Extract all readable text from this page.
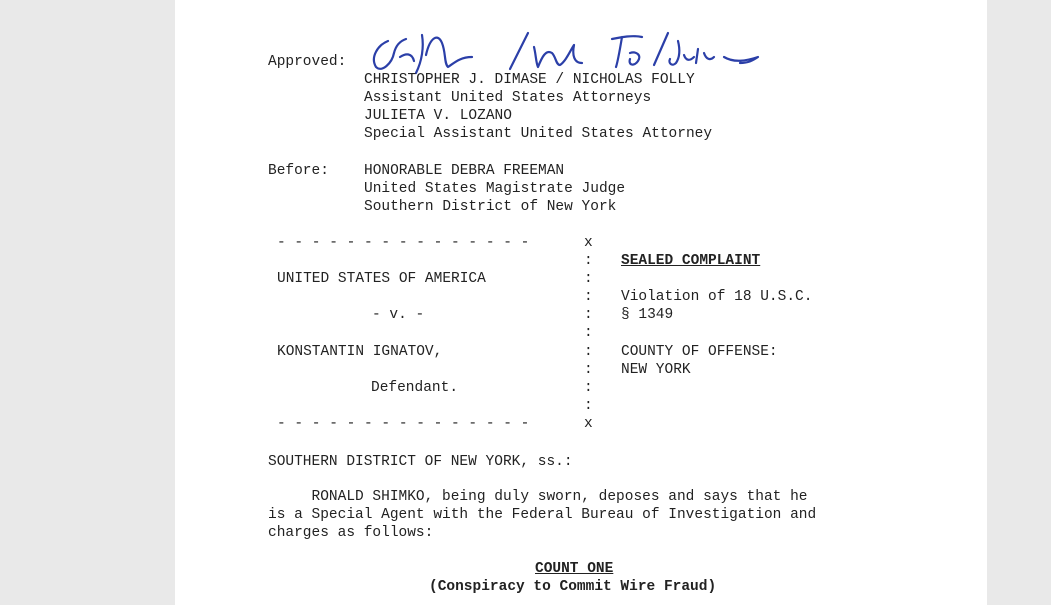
Approved:
CHRISTOPHER J. DIMASE / NICHOLAS FOLLY
Assistant United States Attorneys
JULIETA V. LOZANO
Special Assistant United States Attorney
Before: HONORABLE DEBRA FREEMAN
United States Magistrate Judge
Southern District of New York
- - - - - - - - - - - - - - -	x
:
:
:
:
:
:
:
:
:
- - - - - - - - - - - - - - -	x
UNITED STATES OF AMERICA
- v. -
KONSTANTIN IGNATOV,
Defendant.
SEALED COMPLAINT
Violation of 18 U.S.C.
§ 1349
COUNTY OF OFFENSE:
NEW YORK
SOUTHERN DISTRICT OF NEW YORK, ss.:
RONALD SHIMKO, being duly sworn, deposes and says that he
is a Special Agent with the Federal Bureau of Investigation and
charges as follows:
COUNT ONE
(Conspiracy to Commit Wire Fraud)
